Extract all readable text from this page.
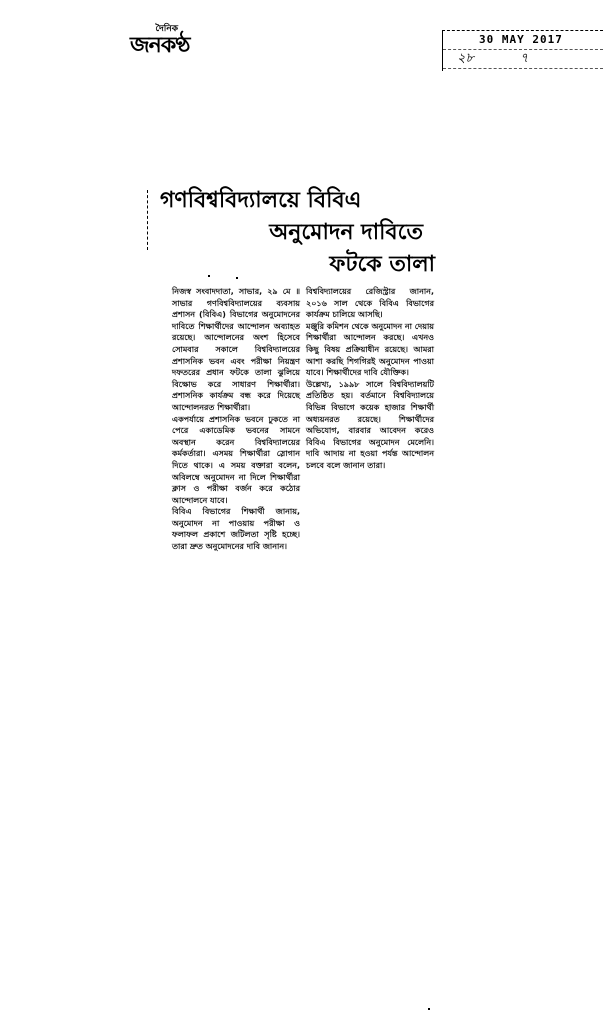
দৈনিক
জনকণ্ঠ	30 MAY 2017
২৮	৭
গণবিশ্ববিদ্যালয়ে বিবিএ
অনুমোদন দাবিতে
ফটকে তালা

নিজস্ব সংবাদদাতা, সাভার, ২৯ মে ॥ সাভার গণবিশ্ববিদ্যালয়ের ব্যবসায় প্রশাসন (বিবিএ) বিভাগের অনুমোদনের দাবিতে শিক্ষার্থীদের আন্দোলন অব্যাহত রয়েছে। আন্দোলনের অংশ হিসেবে সোমবার সকালে বিশ্ববিদ্যালয়ের প্রশাসনিক ভবন এবং পরীক্ষা নিয়ন্ত্রণ দফতরের প্রধান ফটকে তালা ঝুলিয়ে বিক্ষোভ করে সাধারণ শিক্ষার্থীরা। প্রশাসনিক কার্যক্রম বন্ধ করে দিয়েছে আন্দোলনরত শিক্ষার্থীরা।

একপর্যায়ে প্রশাসনিক ভবনে ঢুকতে না পেরে একাডেমিক ভবনের সামনে অবস্থান করেন বিশ্ববিদ্যালয়ের কর্মকর্তারা। এসময় শিক্ষার্থীরা স্লোগান দিতে থাকে। এ সময় বক্তারা বলেন, অবিলম্বে অনুমোদন না দিলে শিক্ষার্থীরা ক্লাস ও পরীক্ষা বর্জন করে কঠোর আন্দোলনে যাবে।

বিবিএ বিভাগের শিক্ষার্থী জানায়, অনুমোদন না পাওয়ায় পরীক্ষা ও ফলাফল প্রকাশে জটিলতা সৃষ্টি হচ্ছে। তারা দ্রুত অনুমোদনের দাবি জানান।

বিশ্ববিদ্যালয়ের রেজিস্ট্রার জানান, ২০১৬ সাল থেকে বিবিএ বিভাগের কার্যক্রম চালিয়ে আসছি।

মঞ্জুরি কমিশন থেকে অনুমোদন না দেয়ায় শিক্ষার্থীরা আন্দোলন করছে। এখনও কিছু বিষয় প্রক্রিয়াধীন রয়েছে। আমরা আশা করছি শিগগিরই অনুমোদন পাওয়া যাবে। শিক্ষার্থীদের দাবি যৌক্তিক।

উল্লেখ্য, ১৯৯৮ সালে বিশ্ববিদ্যালয়টি প্রতিষ্ঠিত হয়। বর্তমানে বিশ্ববিদ্যালয়ে বিভিন্ন বিভাগে কয়েক হাজার শিক্ষার্থী অধ্যয়নরত রয়েছে। শিক্ষার্থীদের অভিযোগ, বারবার আবেদন করেও বিবিএ বিভাগের অনুমোদন মেলেনি। দাবি আদায় না হওয়া পর্যন্ত আন্দোলন চলবে বলে জানান তারা।
